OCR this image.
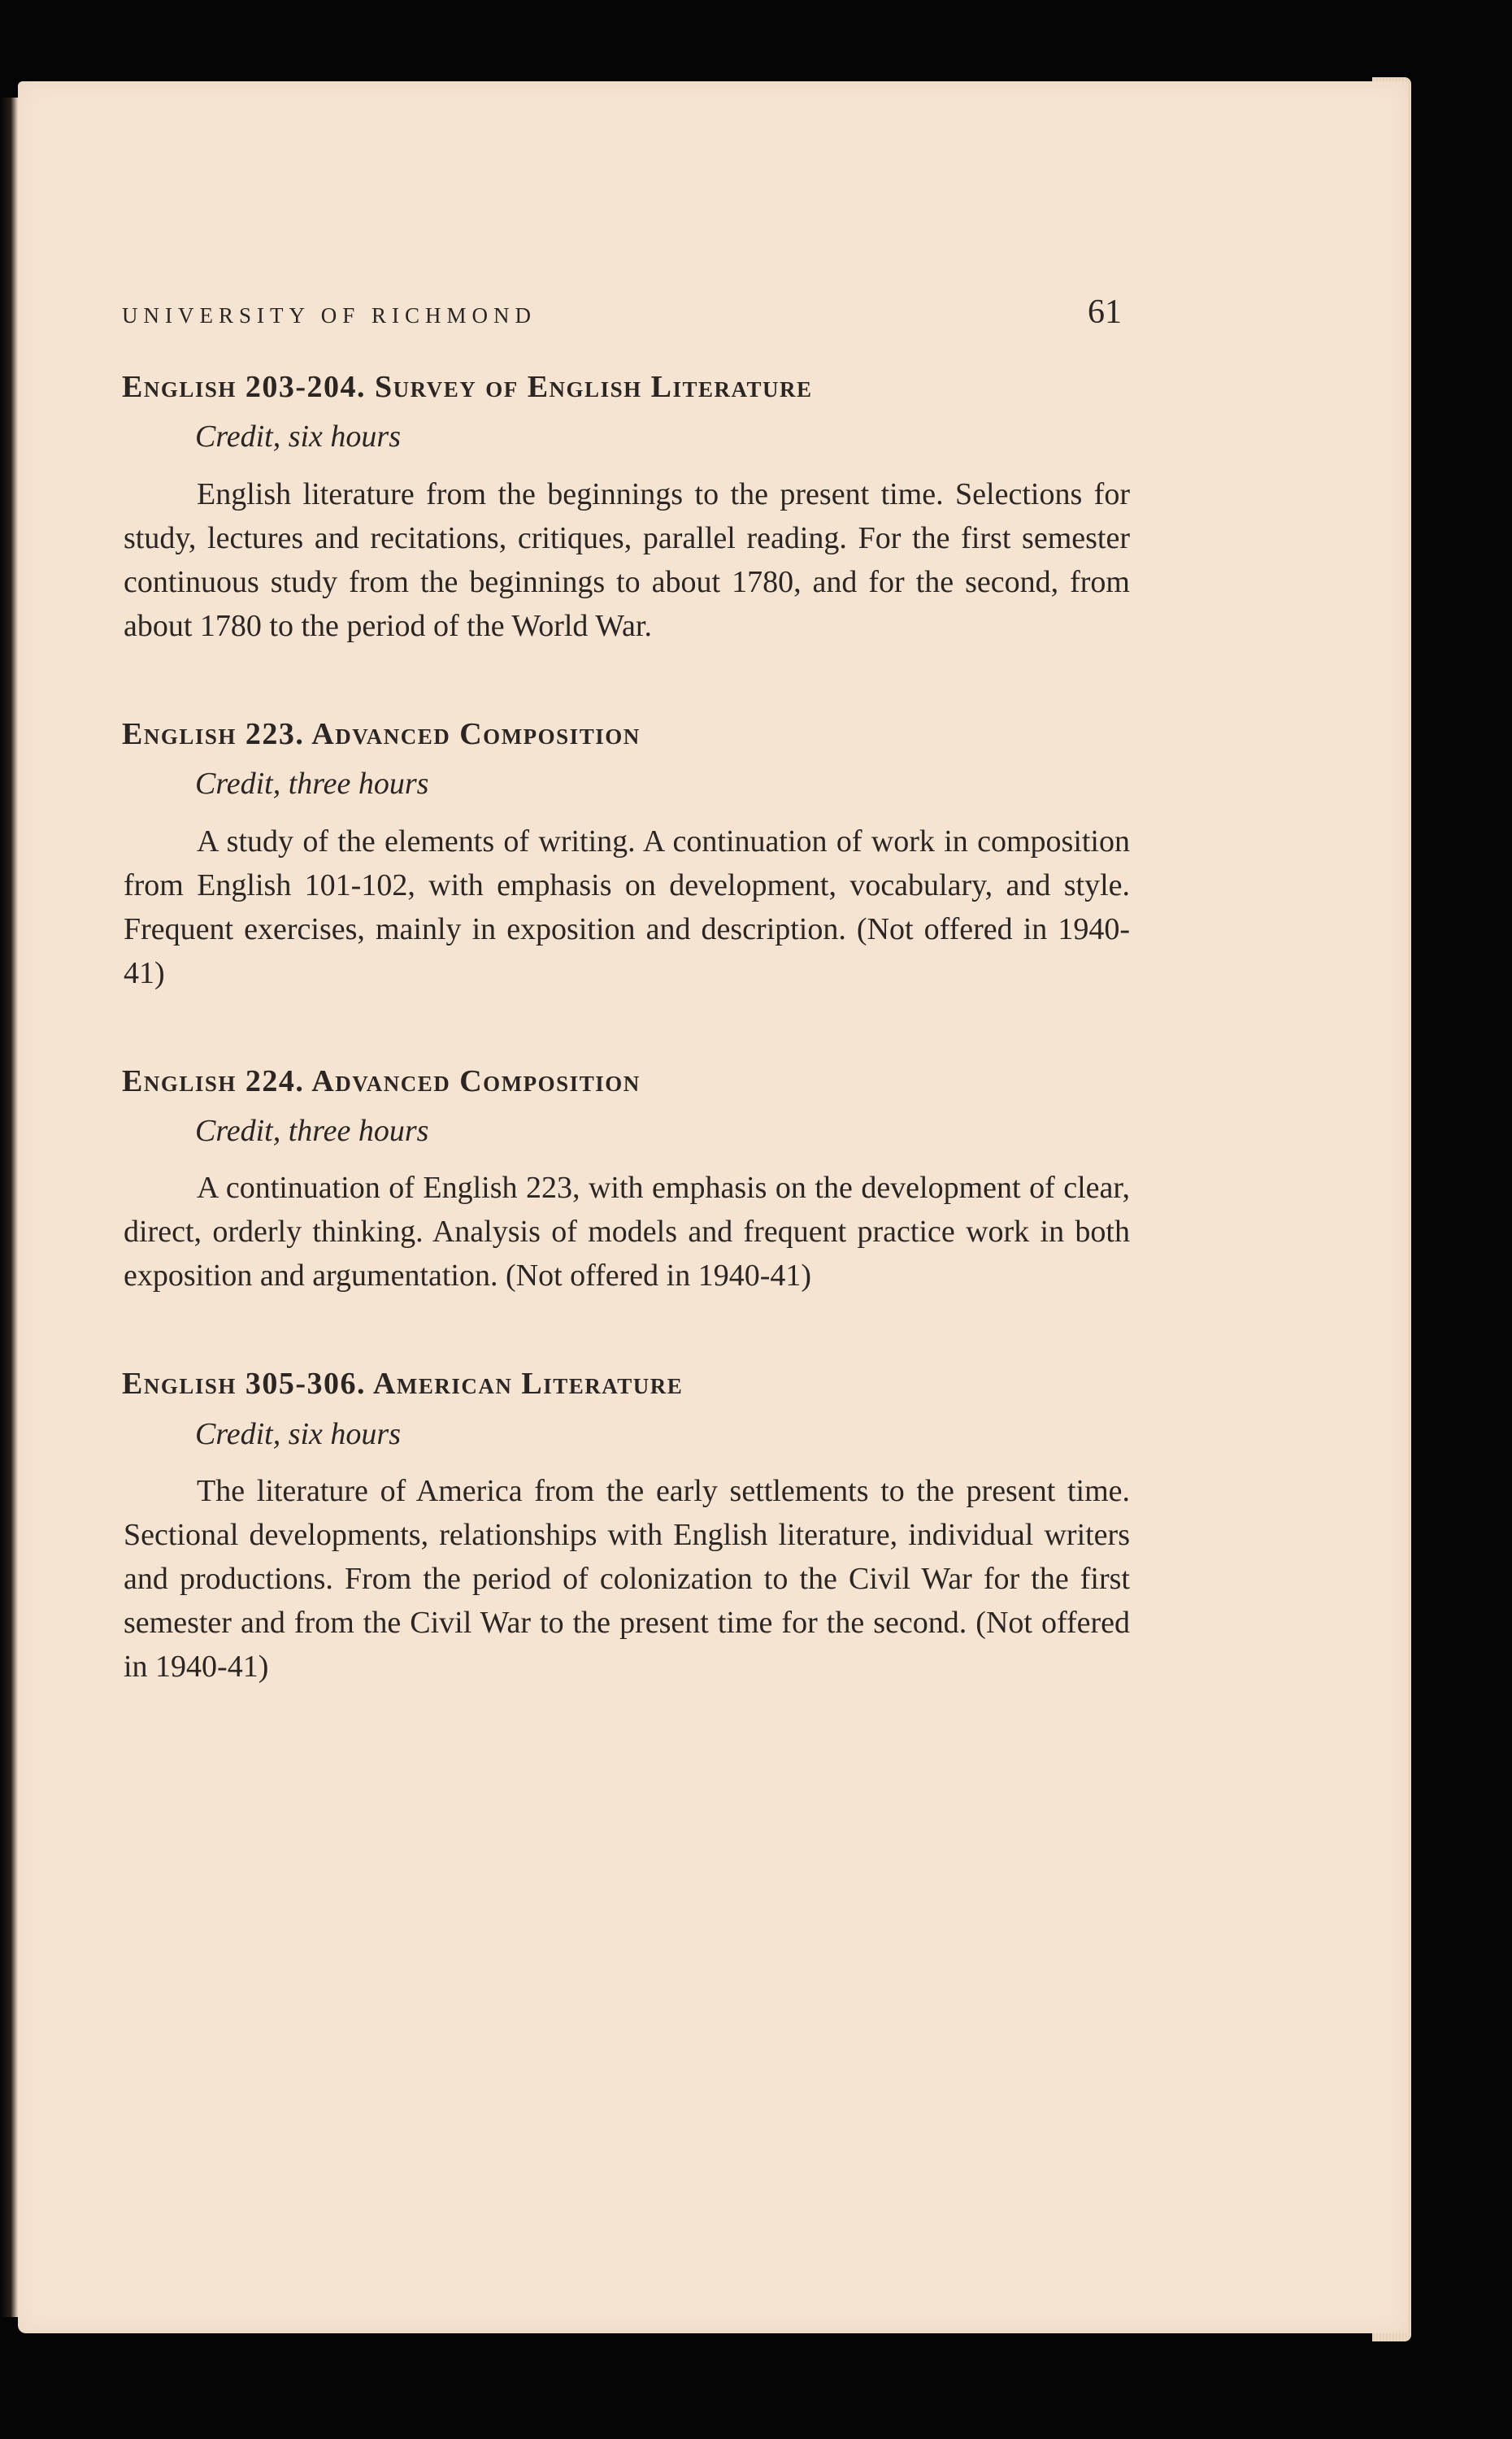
UNIVERSITY OF RICHMOND	61
English 203-204. Survey of English Literature
Credit, six hours

English literature from the beginnings to the present time. Selections for study, lectures and recitations, critiques, parallel reading. For the first semester continuous study from the beginnings to about 1780, and for the second, from about 1780 to the period of the World War.

English 223. Advanced Composition
Credit, three hours

A study of the elements of writing. A continuation of work in composition from English 101-102, with emphasis on development, vocabulary, and style. Frequent exercises, mainly in exposition and description. (Not offered in 1940-41)

English 224. Advanced Composition
Credit, three hours

A continuation of English 223, with emphasis on the development of clear, direct, orderly thinking. Analysis of models and frequent practice work in both exposition and argumentation. (Not offered in 1940-41)

English 305-306. American Literature
Credit, six hours

The literature of America from the early settlements to the present time. Sectional developments, relationships with English literature, individual writers and productions. From the period of colonization to the Civil War for the first semester and from the Civil War to the present time for the second. (Not offered in 1940-41)
